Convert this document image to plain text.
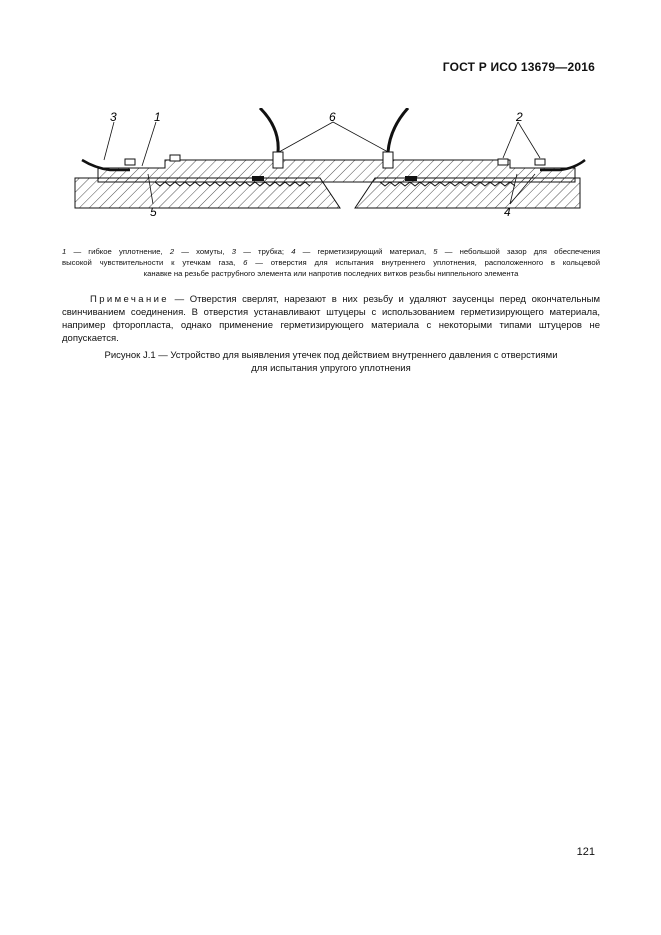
ГОСТ Р ИСО 13679—2016
3	1	6	2
5	4
1 — гибкое уплотнение, 2 — хомуты, 3 — трубка; 4 — герметизирующий материал, 5 — небольшой зазор для обеспечения
высокой чувствительности к утечкам газа, 6 — отверстия для испытания внутреннего уплотнения, расположенного в кольцевой
канавке на резьбе раструбного элемента или напротив последних витков резьбы ниппельного элемента
Примечание — Отверстия сверлят, нарезают в них резьбу и удаляют заусенцы перед окончательным свинчиванием соединения. В отверстия устанавливают штуцеры с использованием герметизирующего материала, например фторопласта, однако применение герметизирующего материала с некоторыми типами штуцеров не допускается.
Рисунок J.1 — Устройство для выявления утечек под действием внутреннего давления с отверстиями
для испытания упругого уплотнения
121
